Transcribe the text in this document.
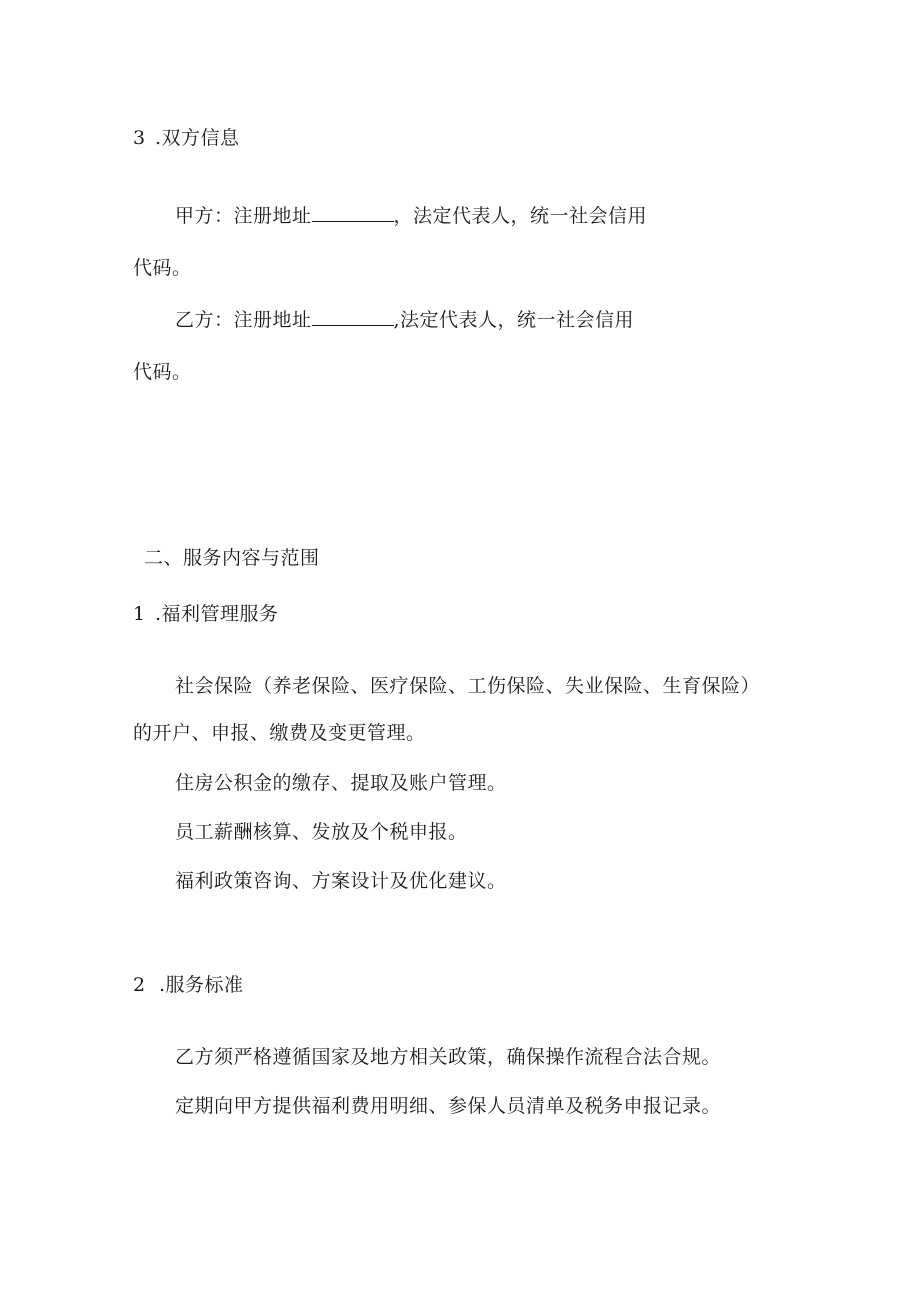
3 .双方信息
甲方：注册地址	，法定代表人，统一社会信用
代码。
乙方：注册地址	,法定代表人，统一社会信用
代码。
二、服务内容与范围
1 .福利管理服务
社会保险（养老保险、医疗保险、工伤保险、失业保险、生育保险）
的开户、申报、缴费及变更管理。
住房公积金的缴存、提取及账户管理。
员工薪酬核算、发放及个税申报。
福利政策咨询、方案设计及优化建议。
2 .服务标准
乙方须严格遵循国家及地方相关政策，确保操作流程合法合规。
定期向甲方提供福利费用明细、参保人员清单及税务申报记录。
